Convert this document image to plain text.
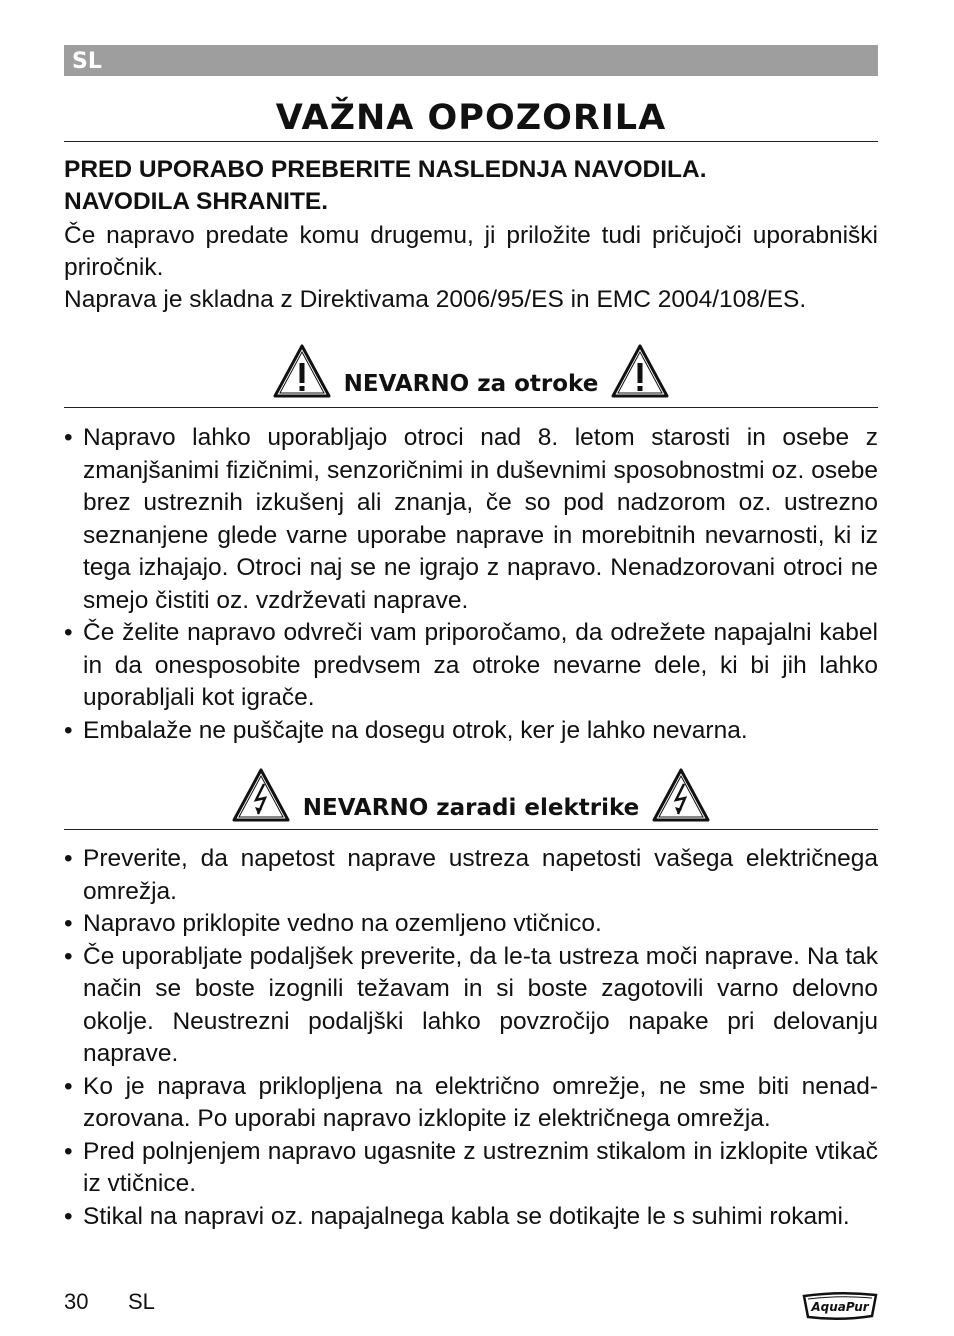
SL
VAŽNA OPOZORILA

PRED UPORABO PREBERITE NASLEDNJA NAVODILA.

NAVODILA SHRANITE.

Če napravo predate komu drugemu, ji priložite tudi pričujoči uporabniški priročnik.

Naprava je skladna z Direktivama 2006/95/ES in EMC 2004/108/ES.

NEVARNO za otroke
• Napravo lahko uporabljajo otroci nad 8. letom starosti in osebe z zmanjšanimi fizičnimi, senzoričnimi in duševnimi sposobnostmi oz. osebe brez ustreznih izkušenj ali znanja, če so pod nadzorom oz. ustrezno seznanjene glede varne uporabe naprave in morebitnih nevarnosti, ki iz tega izhajajo. Otroci naj se ne igrajo z napravo. Nenadzorovani otroci ne smejo čistiti oz. vzdrževati naprave.
• Če želite napravo odvreči vam priporočamo, da odrežete napajalni kabel in da onesposobite predvsem za otroke nevarne dele, ki bi jih lahko uporabljali kot igrače.
• Embalaže ne puščajte na dosegu otrok, ker je lahko nevarna.
NEVARNO zaradi elektrike
• Preverite, da napetost naprave ustreza napetosti vašega električnega omrežja.
• Napravo priklopite vedno na ozemljeno vtičnico.
• Če uporabljate podaljšek preverite, da le-ta ustreza moči naprave. Na tak način se boste izognili težavam in si boste zagotovili varno delovno okolje. Neustrezni podaljški lahko povzročijo napake pri delovanju naprave.
• Ko je naprava priklopljena na električno omrežje, ne sme biti nenadzorovana. Po uporabi napravo izklopite iz električnega omrežja.
• Pred polnjenjem napravo ugasnite z ustreznim stikalom in izklopite vtikač iz vtičnice.
• Stikal na napravi oz. napajalnega kabla se dotikajte le s suhimi rokami.
30 SL	AquaPur
